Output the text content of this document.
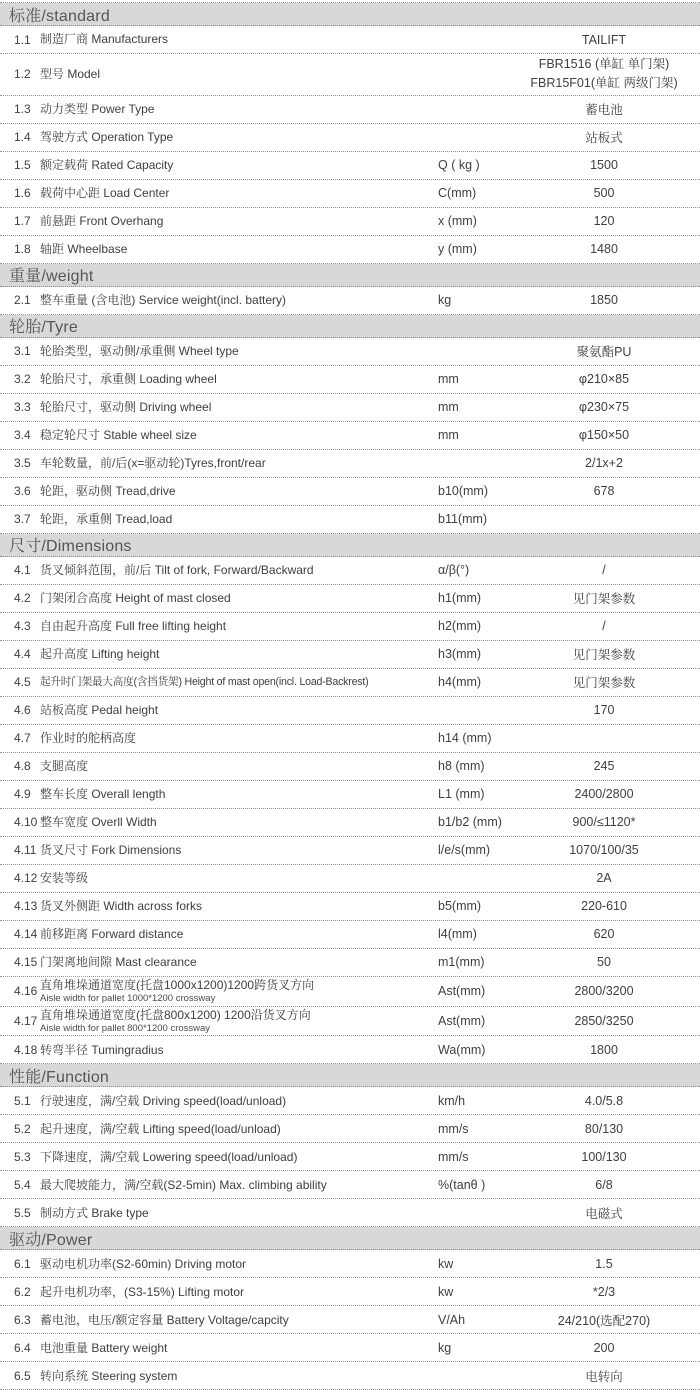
标准/standard
1.1 制造厂商 Manufacturers	TAILIFT
1.2 型号 Model
FBR1516 (单缸 单门架)
FBR15F01(单缸 两级门架)
1.3 动力类型 Power Type	蓄电池
1.4 驾驶方式 Operation Type	站板式
1.5 额定载荷 Rated Capacity	Q ( kg )	1500
1.6 载荷中心距 Load Center	C(mm)	500
1.7 前悬距 Front Overhang	x (mm)	120
1.8 轴距 Wheelbase	y (mm)	1480
重量/weight
2.1 整车重量 (含电池) Service weight(incl. battery)	kg	1850
轮胎/Tyre
3.1 轮胎类型，驱动侧/承重侧 Wheel type	聚氨酯PU
3.2 轮胎尺寸，承重侧 Loading wheel	mm	φ210×85
3.3 轮胎尺寸，驱动侧 Driving wheel	mm	φ230×75
3.4 稳定轮尺寸 Stable wheel size	mm	φ150×50
3.5 车轮数量，前/后(x=驱动轮)Tyres,front/rear	2/1x+2
3.6 轮距，驱动侧 Tread,drive	b10(mm)	678
3.7 轮距，承重侧 Tread,load	b11(mm)
尺寸/Dimensions
4.1 货叉倾斜范围，前/后 Tilt of fork, Forward/Backward	α/β(°)	/
4.2 门架闭合高度 Height of mast closed	h1(mm)	见门架参数
4.3 自由起升高度 Full free lifting height	h2(mm)	/
4.4 起升高度 Lifting height	h3(mm)	见门架参数
4.5 起升时门架最大高度(含挡货架) Height of mast open(incl. Load-Backrest)	h4(mm)	见门架参数
4.6 站板高度 Pedal height	170
4.7 作业时的舵柄高度	h14 (mm)
4.8 支腿高度	h8 (mm)	245
4.9 整车长度 Overall length	L1 (mm)	2400/2800
4.10 整车宽度 Overll Width	b1/b2 (mm)	900/≤1120*
4.11 货叉尺寸 Fork Dimensions	l/e/s(mm)	1070/100/35
4.12 安装等级	2A
4.13 货叉外侧距 Width across forks	b5(mm)	220-610
4.14 前移距离 Forward distance	l4(mm)	620
4.15 门架离地间隙 Mast clearance	m1(mm)	50
4.16 直角堆垛通道宽度(托盘1000x1200)1200跨货叉方向
Aisle width for pallet 1000*1200 crossway
Ast(mm)	2800/3200
4.17 直角堆垛通道宽度(托盘800x1200) 1200沿货叉方向
Aisle width for pallet 800*1200 crossway
Ast(mm)	2850/3250
4.18 转弯半径 Tumingradius	Wa(mm)	1800
性能/Function
5.1 行驶速度，满/空载 Driving speed(load/unload)	km/h	4.0/5.8
5.2 起升速度，满/空载 Lifting speed(load/unload)	mm/s	80/130
5.3 下降速度，满/空载 Lowering speed(load/unload)	mm/s	100/130
5.4 最大爬坡能力，满/空载(S2-5min) Max. climbing ability	%(tanθ )	6/8
5.5 制动方式 Brake type	电磁式
驱动/Power
6.1 驱动电机功率(S2-60min) Driving motor	kw	1.5
6.2 起升电机功率，(S3-15%) Lifting motor	kw	*2/3
6.3 蓄电池，电压/额定容量 Battery Voltage/capcity	V/Ah	24/210(选配270)
6.4 电池重量 Battery weight	kg	200
6.5 转向系统 Steering system	电转向
